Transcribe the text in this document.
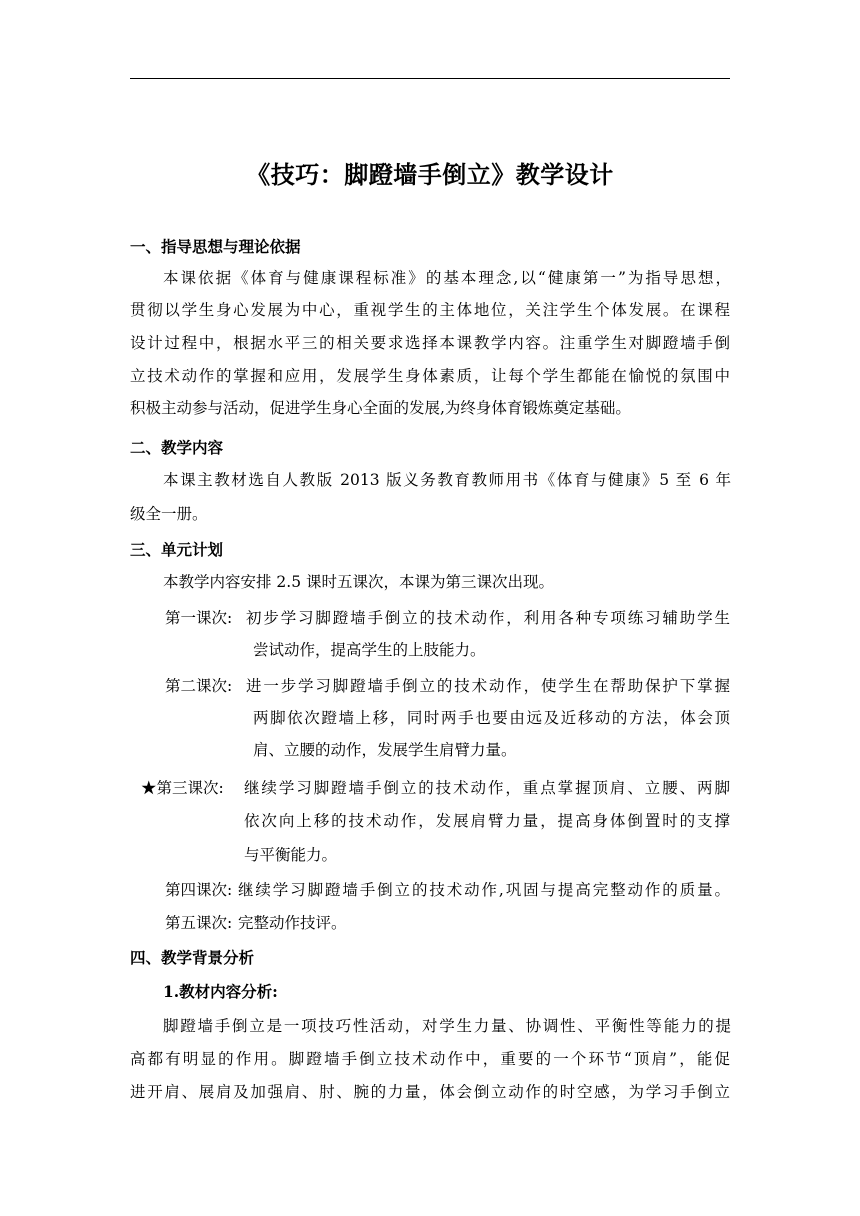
《技巧：脚蹬墙手倒立》教学设计
一、指导思想与理论依据
本课依据《体育与健康课程标准》的基本理念,以“健康第一”为指导思想，
贯彻以学生身心发展为中心，重视学生的主体地位，关注学生个体发展。在课程
设计过程中，根据水平三的相关要求选择本课教学内容。注重学生对脚蹬墙手倒
立技术动作的掌握和应用，发展学生身体素质，让每个学生都能在愉悦的氛围中
积极主动参与活动，促进学生身心全面的发展,为终身体育锻炼奠定基础。
二、教学内容
本课主教材选自人教版 2013 版义务教育教师用书《体育与健康》5 至 6 年
级全一册。
三、单元计划
本教学内容安排 2.5 课时五课次，本课为第三课次出现。
第一课次: 初步学习脚蹬墙手倒立的技术动作，利用各种专项练习辅助学生
尝试动作，提高学生的上肢能力。
第二课次: 进一步学习脚蹬墙手倒立的技术动作，使学生在帮助保护下掌握
两脚依次蹬墙上移，同时两手也要由远及近移动的方法，体会顶
肩、立腰的动作，发展学生肩臂力量。
★第三课次: 继续学习脚蹬墙手倒立的技术动作，重点掌握顶肩、立腰、两脚
依次向上移的技术动作，发展肩臂力量，提高身体倒置时的支撑
与平衡能力。
第四课次: 继续学习脚蹬墙手倒立的技术动作,巩固与提高完整动作的质量。
第五课次: 完整动作技评。
四、教学背景分析
1.教材内容分析:
脚蹬墙手倒立是一项技巧性活动，对学生力量、协调性、平衡性等能力的提
高都有明显的作用。脚蹬墙手倒立技术动作中，重要的一个环节“顶肩”，能促
进开肩、展肩及加强肩、肘、腕的力量，体会倒立动作的时空感，为学习手倒立
